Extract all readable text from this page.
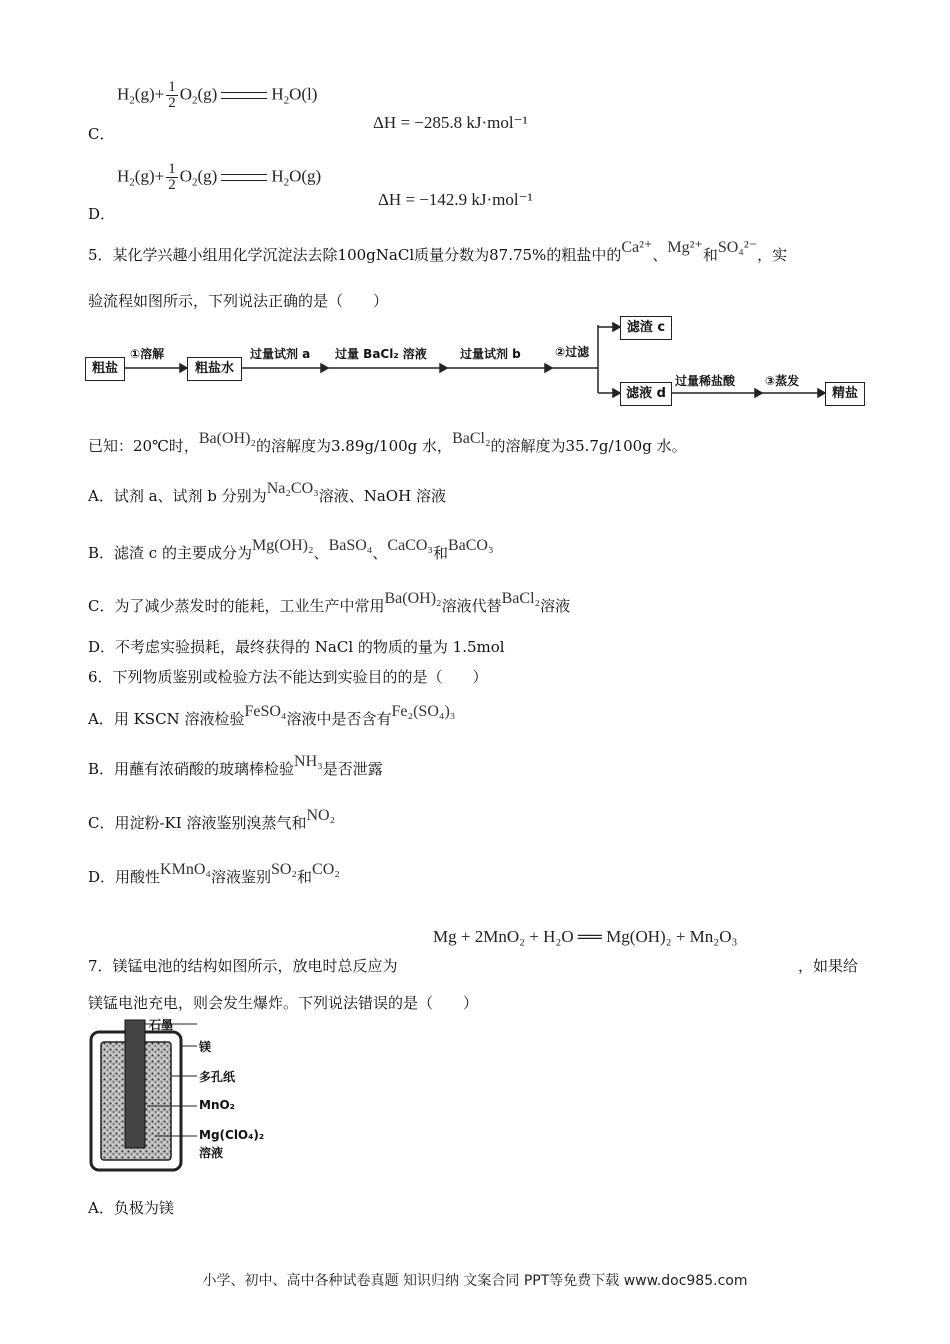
$H_2(g)+ \frac{1}{2} O_2(g)$	$H_2O(l)$
C．
ΔH = −285.8 kJ·mol⁻¹
$H_2(g)+ \frac{1}{2} O_2(g)$	$H_2O(g)$
D．
ΔH = −142.9 kJ·mol⁻¹
5．某化学兴趣小组用化学沉淀法去除100gNaCl质量分数为87.75%的粗盐中的Ca²⁺、Mg²⁺和SO₄²⁻，实
验流程如图所示，下列说法正确的是（　　）
粗盐
①溶解
粗盐水
过量试剂 a 过量 BaCl₂ 溶液	过量试剂 b	②过滤
滤渣 c
滤液 d
过量稀盐酸 ③蒸发
精盐
已知：20℃时，Ba(OH)₂的溶解度为3.89g/100g 水，BaCl₂的溶解度为35.7g/100g 水。
A．试剂 a、试剂 b 分别为Na₂CO₃溶液、NaOH 溶液
B．滤渣 c 的主要成分为Mg(OH)₂、BaSO₄、CaCO₃和BaCO₃
C．为了减少蒸发时的能耗，工业生产中常用Ba(OH)₂溶液代替BaCl₂溶液
D．不考虑实验损耗，最终获得的 NaCl 的物质的量为 1.5mol
6．下列物质鉴别或检验方法不能达到实验目的的是（　　）
A．用 KSCN 溶液检验FeSO₄溶液中是否含有Fe₂(SO₄)₃
B．用蘸有浓硝酸的玻璃棒检验NH₃是否泄露
C．用淀粉-KI 溶液鉴别溴蒸气和NO₂
D．用酸性KMnO₄溶液鉴别SO₂和CO₂
Mg + 2MnO₂ + H₂O ══ Mg(OH)₂ + Mn₂O₃
7．镁锰电池的结构如图所示，放电时总反应为	，如果给
镁锰电池充电，则会发生爆炸。下列说法错误的是（　　）
石墨
镁
多孔纸
MnO₂
Mg(ClO₄)₂
溶液
A．负极为镁
小学、初中、高中各种试卷真题 知识归纳 文案合同 PPT等免费下载 www.doc985.com
